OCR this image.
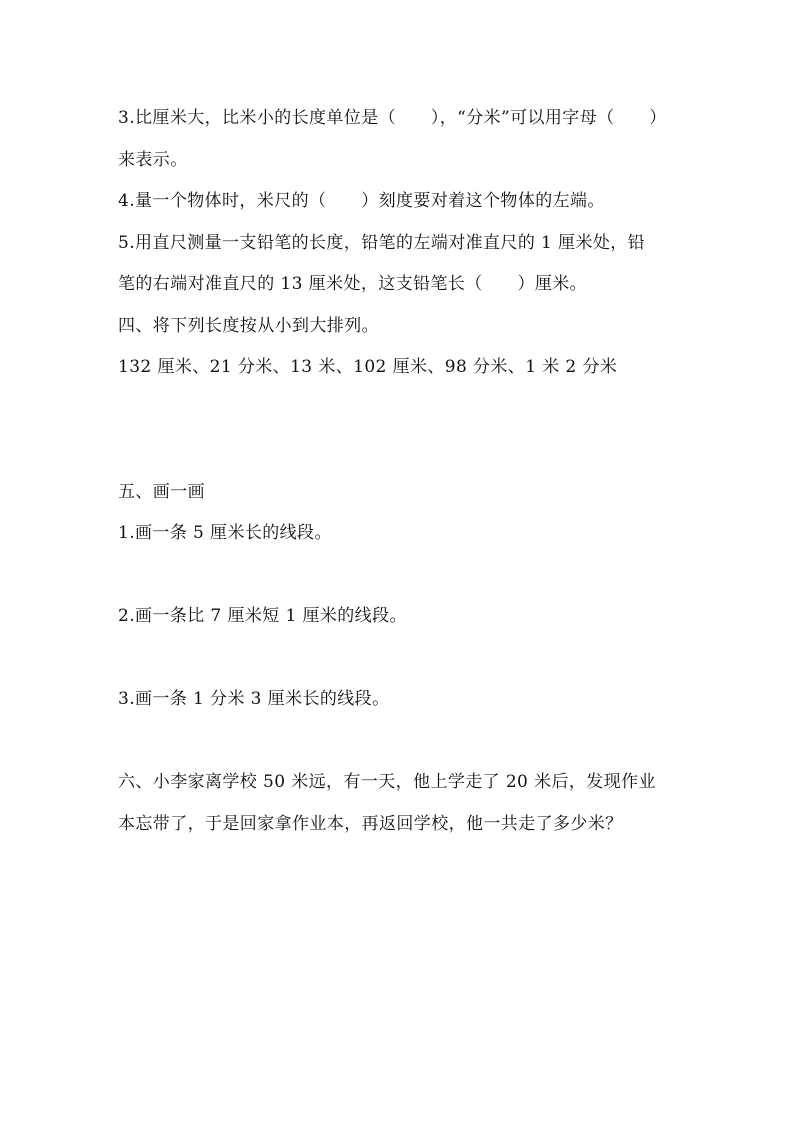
3.比厘米大，比米小的长度单位是（　　），“分米”可以用字母（　　）

来表示。

4.量一个物体时，米尺的（　　）刻度要对着这个物体的左端。

5.用直尺测量一支铅笔的长度，铅笔的左端对准直尺的 1 厘米处，铅

笔的右端对准直尺的 13 厘米处，这支铅笔长（　　）厘米。

四、将下列长度按从小到大排列。

132 厘米、21 分米、13 米、102 厘米、98 分米、1 米 2 分米

五、画一画

1.画一条 5 厘米长的线段。

2.画一条比 7 厘米短 1 厘米的线段。

3.画一条 1 分米 3 厘米长的线段。

六、小李家离学校 50 米远，有一天，他上学走了 20 米后，发现作业

本忘带了，于是回家拿作业本，再返回学校，他一共走了多少米？
